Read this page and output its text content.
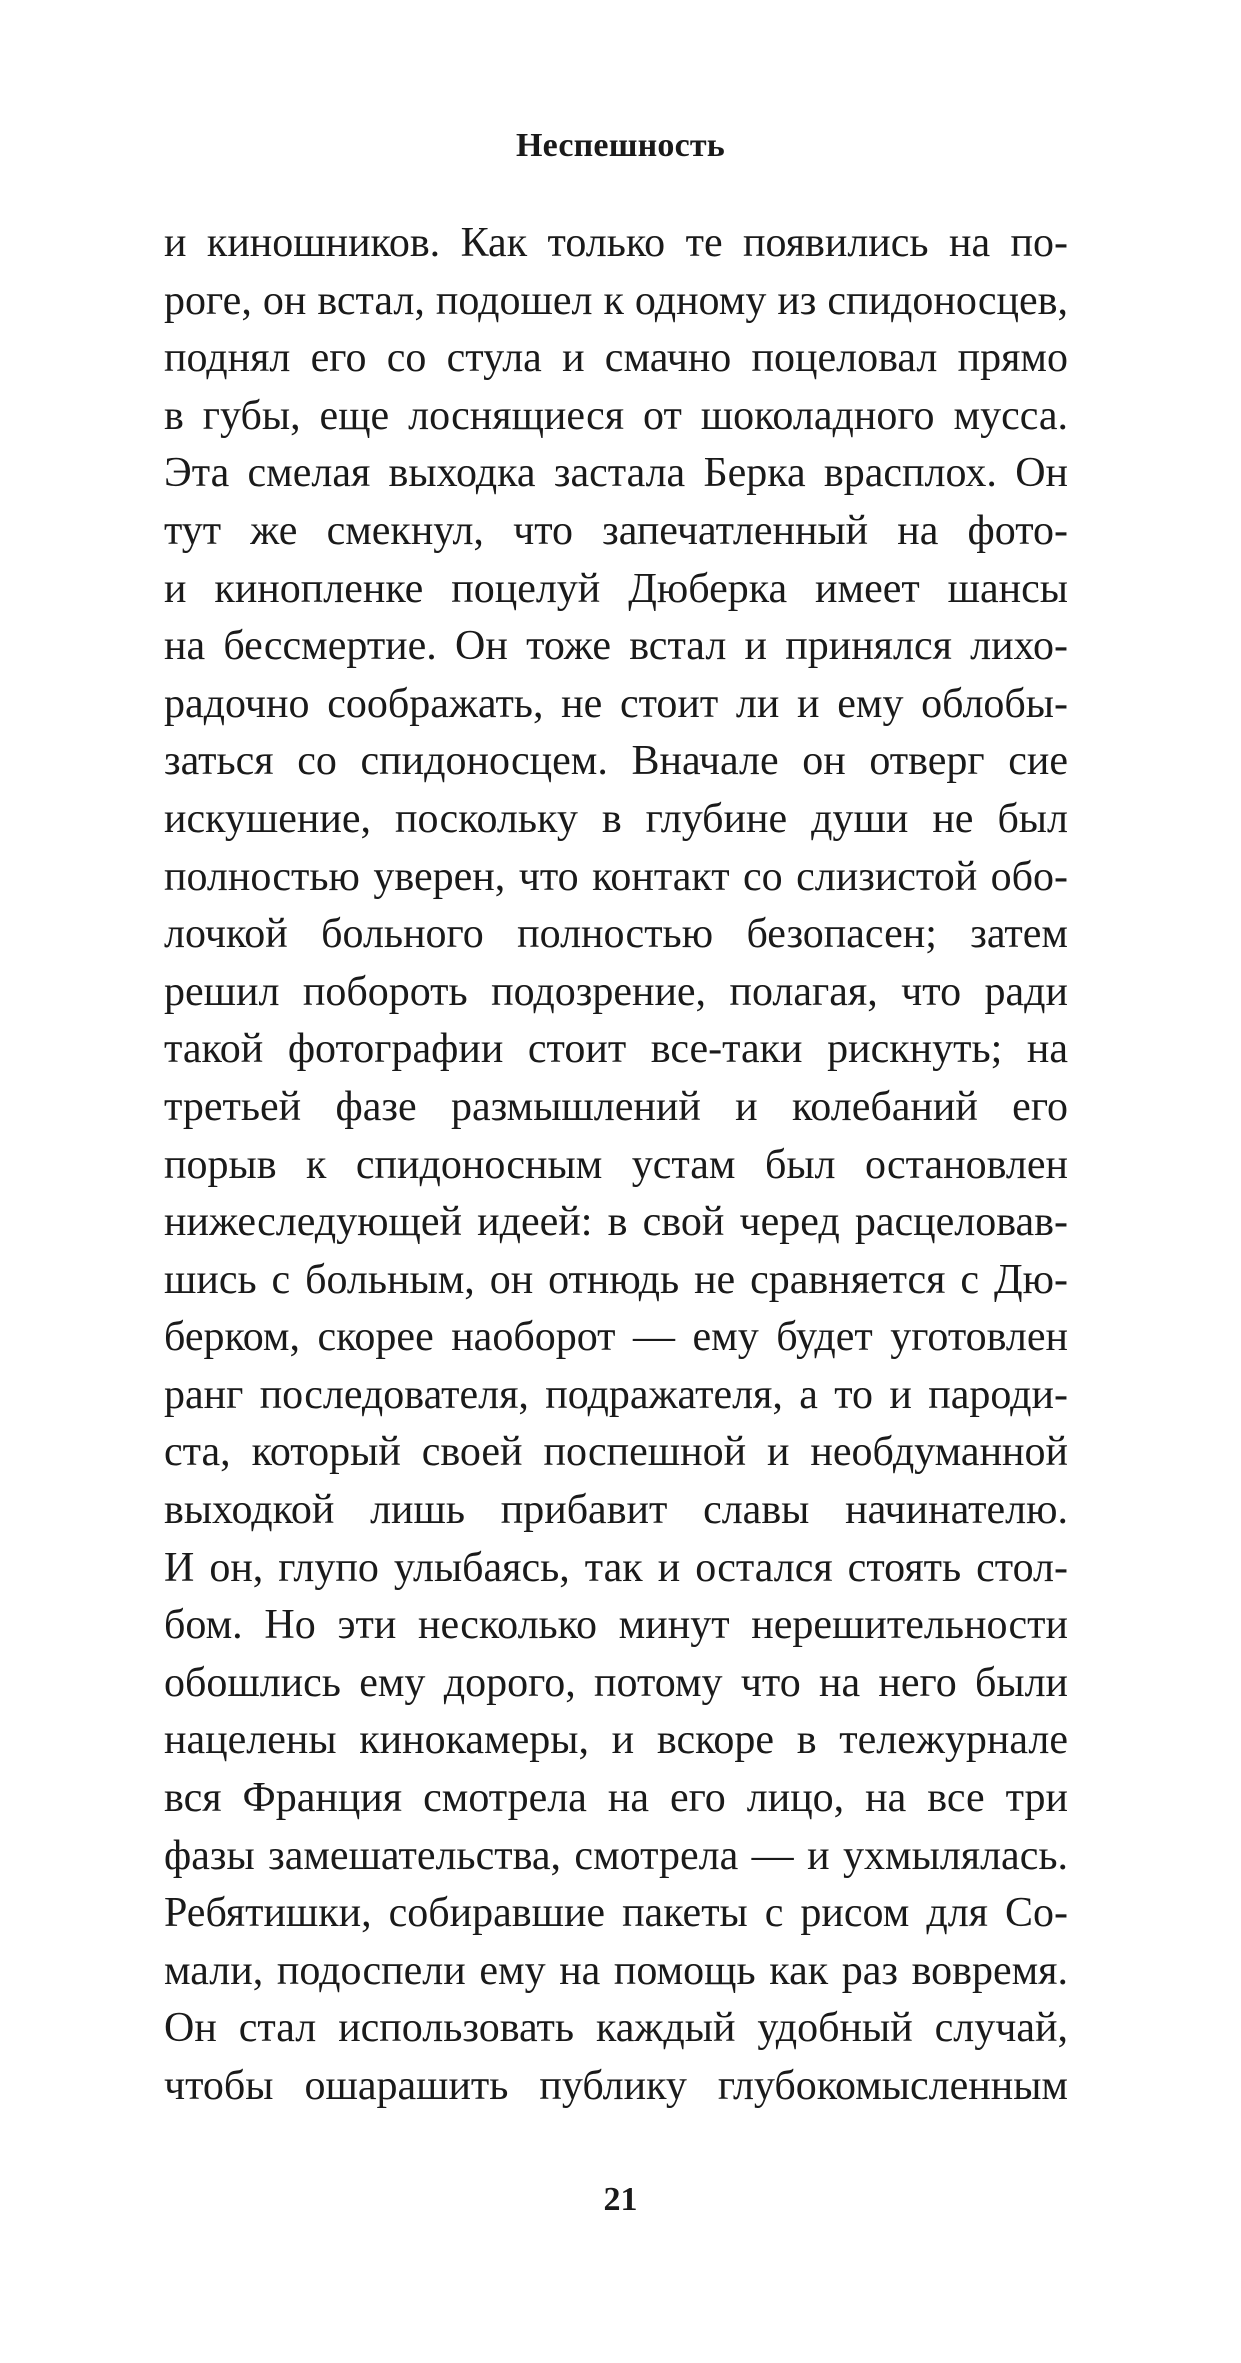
Неспешность
и киношников. Как только те появились на по-
роге, он встал, подошел к одному из спидоносцев,
поднял его со стула и смачно поцеловал прямо
в губы, еще лоснящиеся от шоколадного мусса.
Эта смелая выходка застала Берка врасплох. Он
тут же смекнул, что запечатленный на фото-
и кинопленке поцелуй Дюберка имеет шансы
на бессмертие. Он тоже встал и принялся лихо-
радочно соображать, не стоит ли и ему облобы-
заться со спидоносцем. Вначале он отверг сие
искушение, поскольку в глубине души не был
полностью уверен, что контакт со слизистой обо-
лочкой больного полностью безопасен; затем
решил побороть подозрение, полагая, что ради
такой фотографии стоит все-таки рискнуть; на
третьей фазе размышлений и колебаний его
порыв к спидоносным устам был остановлен
нижеследующей идеей: в свой черед расцеловав-
шись с больным, он отнюдь не сравняется с Дю-
берком, скорее наоборот — ему будет уготовлен
ранг последователя, подражателя, а то и пароди-
ста, который своей поспешной и необдуманной
выходкой лишь прибавит славы начинателю.
И он, глупо улыбаясь, так и остался стоять стол-
бом. Но эти несколько минут нерешительности
обошлись ему дорого, потому что на него были
нацелены кинокамеры, и вскоре в тележурнале
вся Франция смотрела на его лицо, на все три
фазы замешательства, смотрела — и ухмылялась.
Ребятишки, собиравшие пакеты с рисом для Со-
мали, подоспели ему на помощь как раз вовремя.
Он стал использовать каждый удобный случай,
чтобы ошарашить публику глубокомысленным
21
